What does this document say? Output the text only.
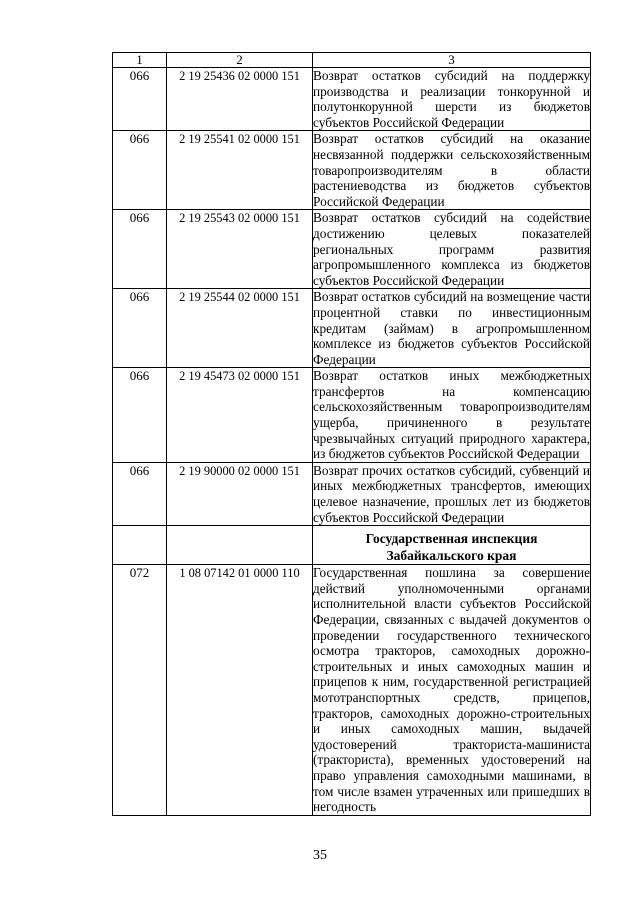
1	2	3
066	2 19 25436 02 0000 151	Возврат остатков субсидий на поддержку производства и реализации тонкорунной и полутонкорунной шерсти из бюджетов субъектов Российской Федерации
066	2 19 25541 02 0000 151	Возврат остатков субсидий на оказание несвязанной поддержки сельскохозяйственным товаропроизводителям в области растениеводства из бюджетов субъектов Российской Федерации
066	2 19 25543 02 0000 151	Возврат остатков субсидий на содействие достижению целевых показателей региональных программ развития агропромышленного комплекса из бюджетов субъектов Российской Федерации
066	2 19 25544 02 0000 151	Возврат остатков субсидий на возмещение части процентной ставки по инвестиционным кредитам (займам) в агропромышленном комплексе из бюджетов субъектов Российской Федерации
066	2 19 45473 02 0000 151	Возврат остатков иных межбюджетных трансфертов на компенсацию сельскохозяйственным товаропроизводителям ущерба, причиненного в результате чрезвычайных ситуаций природного характера, из бюджетов субъектов Российской Федерации
066	2 19 90000 02 0000 151	Возврат прочих остатков субсидий, субвенций и иных межбюджетных трансфертов, имеющих целевое назначение, прошлых лет из бюджетов субъектов Российской Федерации

		Государственная инспекция
Забайкальского края

072	1 08 07142 01 0000 110	Государственная пошлина за совершение действий уполномоченными органами исполнительной власти субъектов Российской Федерации, связанных с выдачей документов о проведении государственного технического осмотра тракторов, самоходных дорожно-строительных и иных самоходных машин и прицепов к ним, государственной регистрацией мототранспортных средств, прицепов, тракторов, самоходных дорожно-строительных и иных самоходных машин, выдачей удостоверений тракториста-машиниста (тракториста), временных удостоверений на право управления самоходными машинами, в том числе взамен утраченных или пришедших в негодность
35
